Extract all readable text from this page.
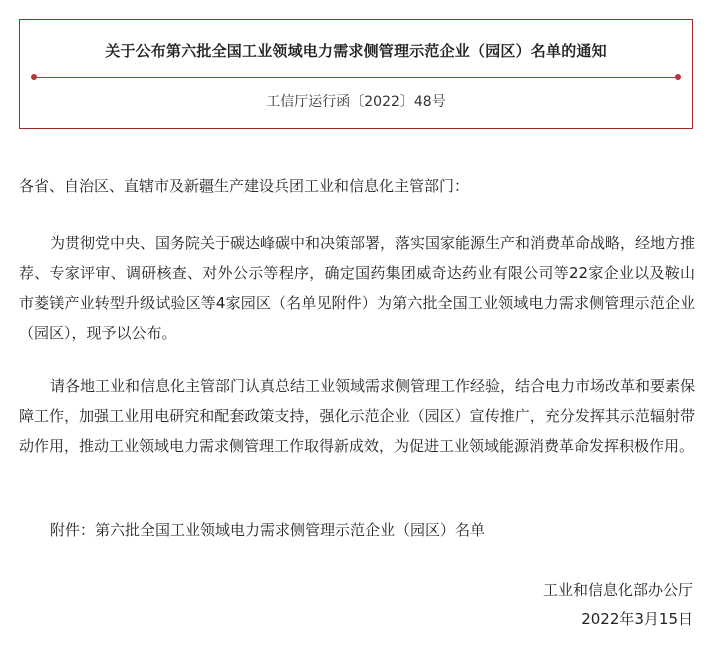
关于公布第六批全国工业领域电力需求侧管理示范企业（园区）名单的通知
工信厅运行函〔2022〕48号
各省、自治区、直辖市及新疆生产建设兵团工业和信息化主管部门：

为贯彻党中央、国务院关于碳达峰碳中和决策部署，落实国家能源生产和消费革命战略，经地方推荐、专家评审、调研核查、对外公示等程序，确定国药集团威奇达药业有限公司等22家企业以及鞍山市菱镁产业转型升级试验区等4家园区（名单见附件）为第六批全国工业领域电力需求侧管理示范企业（园区），现予以公布。

请各地工业和信息化主管部门认真总结工业领域需求侧管理工作经验，结合电力市场改革和要素保障工作，加强工业用电研究和配套政策支持，强化示范企业（园区）宣传推广，充分发挥其示范辐射带动作用，推动工业领域电力需求侧管理工作取得新成效，为促进工业领域能源消费革命发挥积极作用。

附件：第六批全国工业领域电力需求侧管理示范企业（园区）名单
工业和信息化部办公厅
2022年3月15日
